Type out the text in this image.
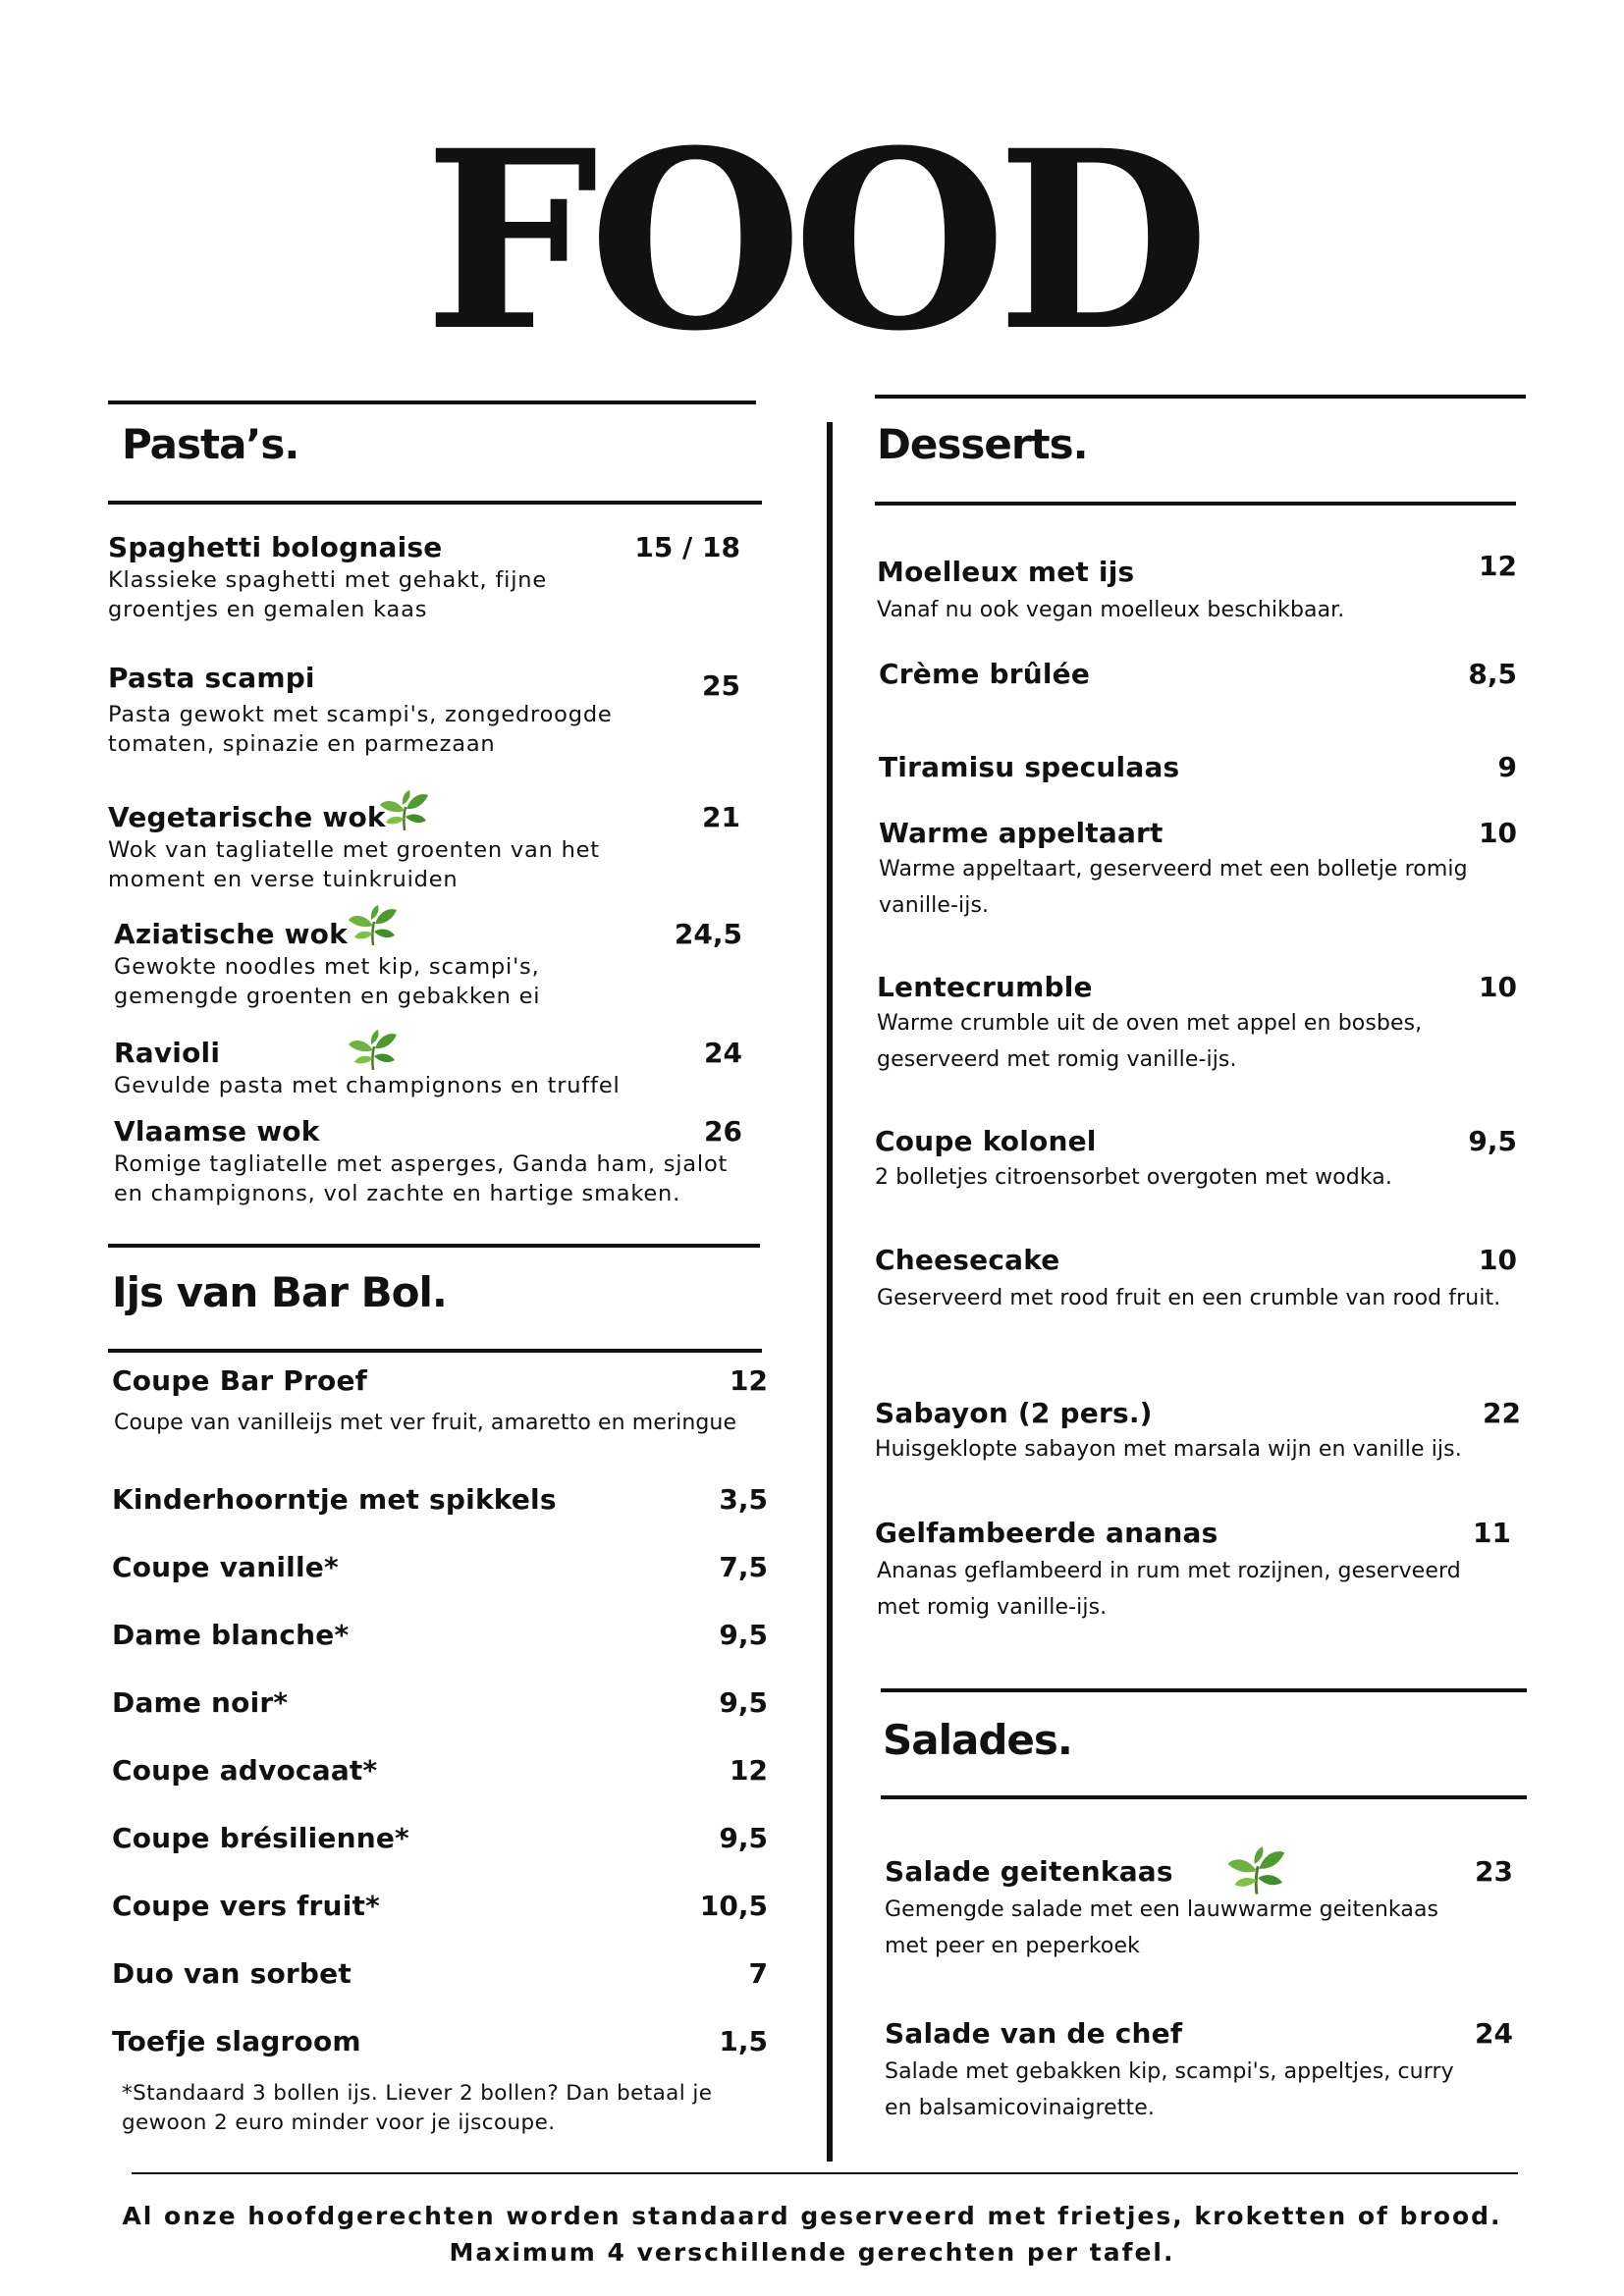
FOOD
Pasta’s.
Spaghetti bolognaise	15 / 18
Klassieke spaghetti met gehakt, fijne
groentjes en gemalen kaas
Pasta scampi	25
Pasta gewokt met scampi's, zongedroogde
tomaten, spinazie en parmezaan
Vegetarische wok	21
Wok van tagliatelle met groenten van het
moment en verse tuinkruiden
Aziatische wok	24,5
Gewokte noodles met kip, scampi's,
gemengde groenten en gebakken ei
Ravioli	24
Gevulde pasta met champignons en truffel
Vlaamse wok	26
Romige tagliatelle met asperges, Ganda ham, sjalot
en champignons, vol zachte en hartige smaken.
Ijs van Bar Bol.
Coupe Bar Proef	12
Coupe van vanilleijs met ver fruit, amaretto en meringue
Kinderhoorntje met spikkels	3,5
Coupe vanille*	7,5
Dame blanche*	9,5
Dame noir*	9,5
Coupe advocaat*	12
Coupe brésilienne*	9,5
Coupe vers fruit*	10,5
Duo van sorbet	7
Toefje slagroom	1,5
*Standaard 3 bollen ijs. Liever 2 bollen? Dan betaal je
gewoon 2 euro minder voor je ijscoupe.
Desserts.
Moelleux met ijs	12
Vanaf nu ook vegan moelleux beschikbaar.
Crème brûlée	8,5
Tiramisu speculaas	9
Warme appeltaart	10
Warme appeltaart, geserveerd met een bolletje romig
vanille-ijs.
Lentecrumble	10
Warme crumble uit de oven met appel en bosbes,
geserveerd met romig vanille-ijs.
Coupe kolonel	9,5
2 bolletjes citroensorbet overgoten met wodka.
Cheesecake	10
Geserveerd met rood fruit en een crumble van rood fruit.
Sabayon (2 pers.)	22
Huisgeklopte sabayon met marsala wijn en vanille ijs.
Gelfambeerde ananas	11
Ananas geflambeerd in rum met rozijnen, geserveerd
met romig vanille-ijs.
Salades.
Salade geitenkaas	23
Gemengde salade met een lauwwarme geitenkaas
met peer en peperkoek
Salade van de chef	24
Salade met gebakken kip, scampi's, appeltjes, curry
en balsamicovinaigrette.
Al onze hoofdgerechten worden standaard geserveerd met frietjes, kroketten of brood.
Maximum 4 verschillende gerechten per tafel.
